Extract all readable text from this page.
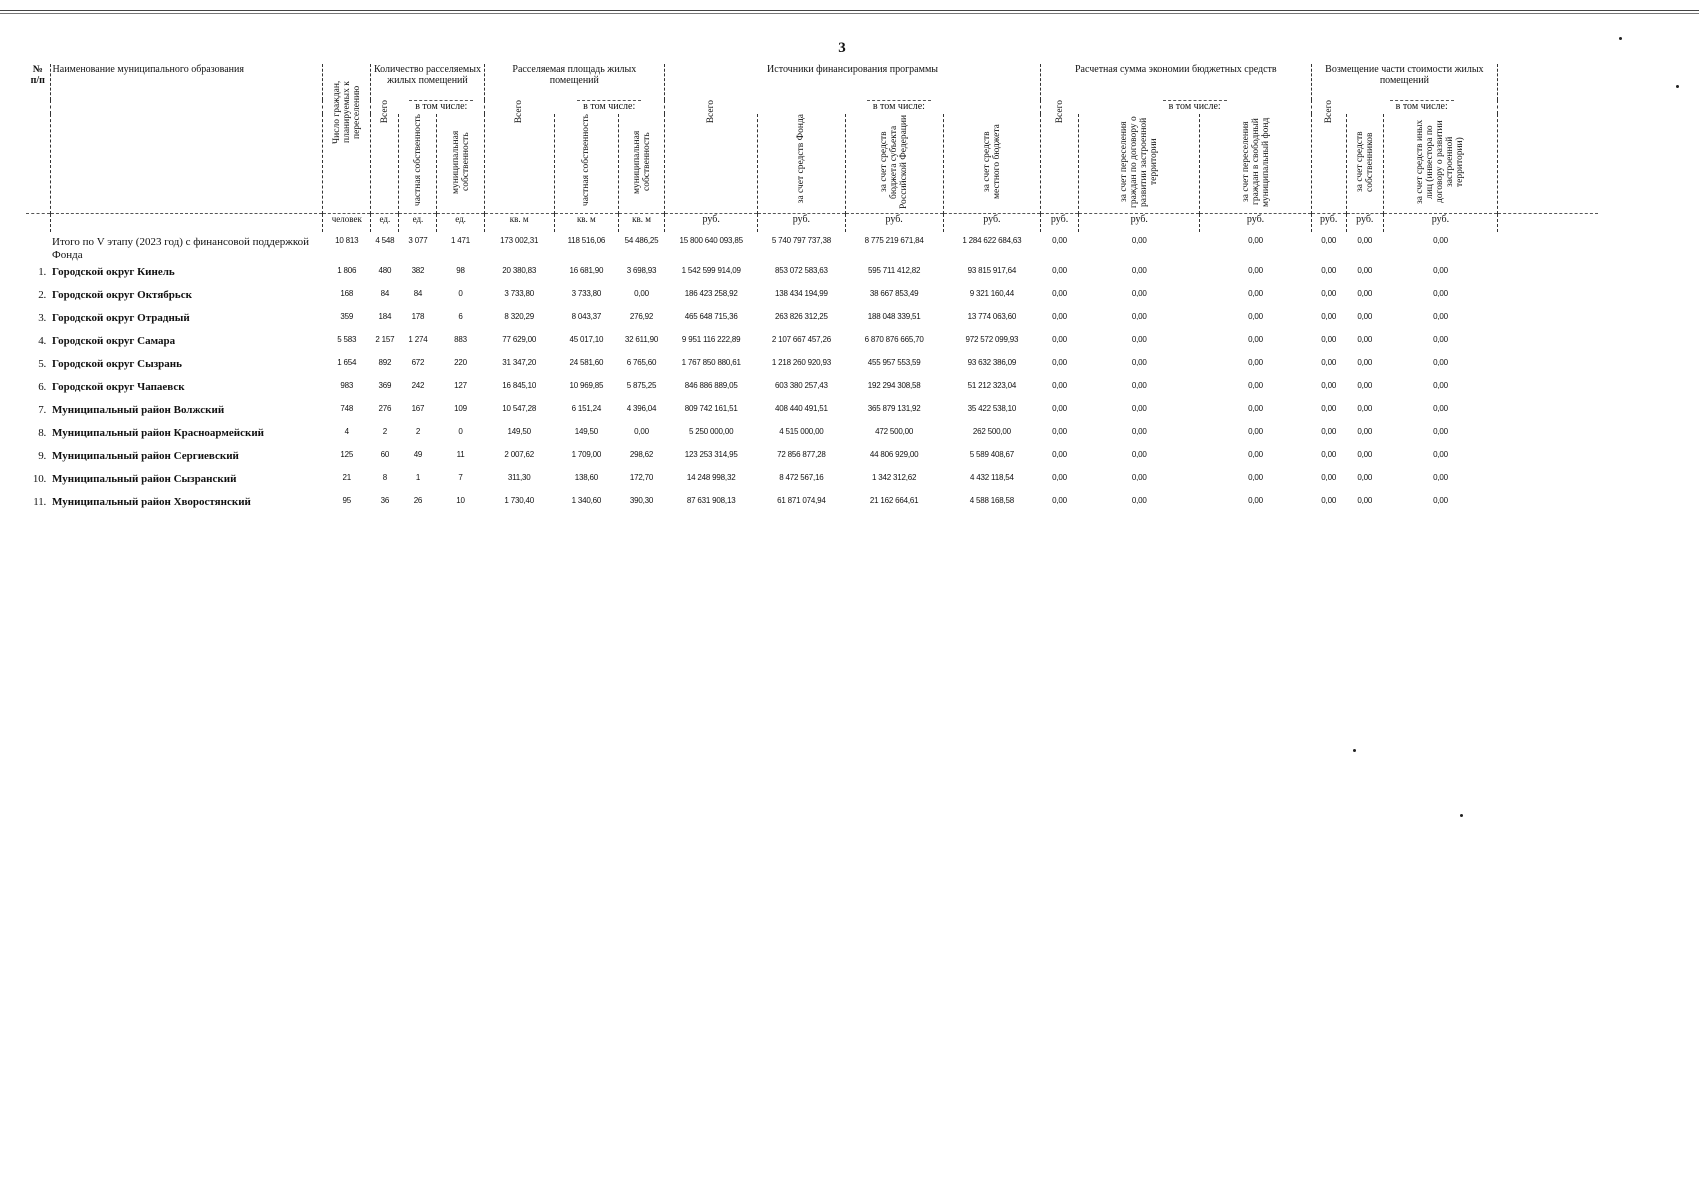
3
№ п/п	Наименование муниципального образования	Число граждан, планируемых к переселению	Количество расселяемых жилых помещений			Расселяемая площадь жилых помещений			Источники финансирования программы				Расчетная сумма экономии бюджетных средств			Возмещение части стоимости жилых помещений			
			Всего	в том числе:		Всего	в том числе:		Всего	в том числе:			Всего	в том числе:		Всего	в том числе:		
				частная собственность	муниципальная собственность		частная собственность	муниципальная собственность		за счет средств Фонда	за счет средств бюджета субъекта Российской Федерации	за счет средств местного бюджета		за счет переселения граждан по договору о развитии застроенной территории	за счет переселения граждан в свободный муниципальный фонд		за счет средств собственников	за счет средств иных лиц (инвестора по договору о развитии застроенной территории)	
		человек	ед.	ед.	ед.	кв. м	кв. м	кв. м	руб.	руб.	руб.	руб.	руб.	руб.	руб.	руб.	руб.	руб.	
	Итого по V этапу (2023 год) с финансовой поддержкой Фонда	10 813	4 548	3 077	1 471	173 002,31	118 516,06	54 486,25	15 800 640 093,85	5 740 797 737,38	8 775 219 671,84	1 284 622 684,63	0,00	0,00	0,00	0,00	0,00	0,00	
1.	Городской округ Кинель	1 806	480	382	98	20 380,83	16 681,90	3 698,93	1 542 599 914,09	853 072 583,63	595 711 412,82	93 815 917,64	0,00	0,00	0,00	0,00	0,00	0,00	
2.	Городской округ Октябрьск	168	84	84	0	3 733,80	3 733,80	0,00	186 423 258,92	138 434 194,99	38 667 853,49	9 321 160,44	0,00	0,00	0,00	0,00	0,00	0,00	
3.	Городской округ Отрадный	359	184	178	6	8 320,29	8 043,37	276,92	465 648 715,36	263 826 312,25	188 048 339,51	13 774 063,60	0,00	0,00	0,00	0,00	0,00	0,00	
4.	Городской округ Самара	5 583	2 157	1 274	883	77 629,00	45 017,10	32 611,90	9 951 116 222,89	2 107 667 457,26	6 870 876 665,70	972 572 099,93	0,00	0,00	0,00	0,00	0,00	0,00	
5.	Городской округ Сызрань	1 654	892	672	220	31 347,20	24 581,60	6 765,60	1 767 850 880,61	1 218 260 920,93	455 957 553,59	93 632 386,09	0,00	0,00	0,00	0,00	0,00	0,00	
6.	Городской округ Чапаевск	983	369	242	127	16 845,10	10 969,85	5 875,25	846 886 889,05	603 380 257,43	192 294 308,58	51 212 323,04	0,00	0,00	0,00	0,00	0,00	0,00	
7.	Муниципальный район Волжский	748	276	167	109	10 547,28	6 151,24	4 396,04	809 742 161,51	408 440 491,51	365 879 131,92	35 422 538,10	0,00	0,00	0,00	0,00	0,00	0,00	
8.	Муниципальный район Красноармейский	4	2	2	0	149,50	149,50	0,00	5 250 000,00	4 515 000,00	472 500,00	262 500,00	0,00	0,00	0,00	0,00	0,00	0,00	
9.	Муниципальный район Сергиевский	125	60	49	11	2 007,62	1 709,00	298,62	123 253 314,95	72 856 877,28	44 806 929,00	5 589 408,67	0,00	0,00	0,00	0,00	0,00	0,00	
10.	Муниципальный район Сызранский	21	8	1	7	311,30	138,60	172,70	14 248 998,32	8 472 567,16	1 342 312,62	4 432 118,54	0,00	0,00	0,00	0,00	0,00	0,00	
11.	Муниципальный район Хворостянский	95	36	26	10	1 730,40	1 340,60	390,30	87 631 908,13	61 871 074,94	21 162 664,61	4 588 168,58	0,00	0,00	0,00	0,00	0,00	0,00	
